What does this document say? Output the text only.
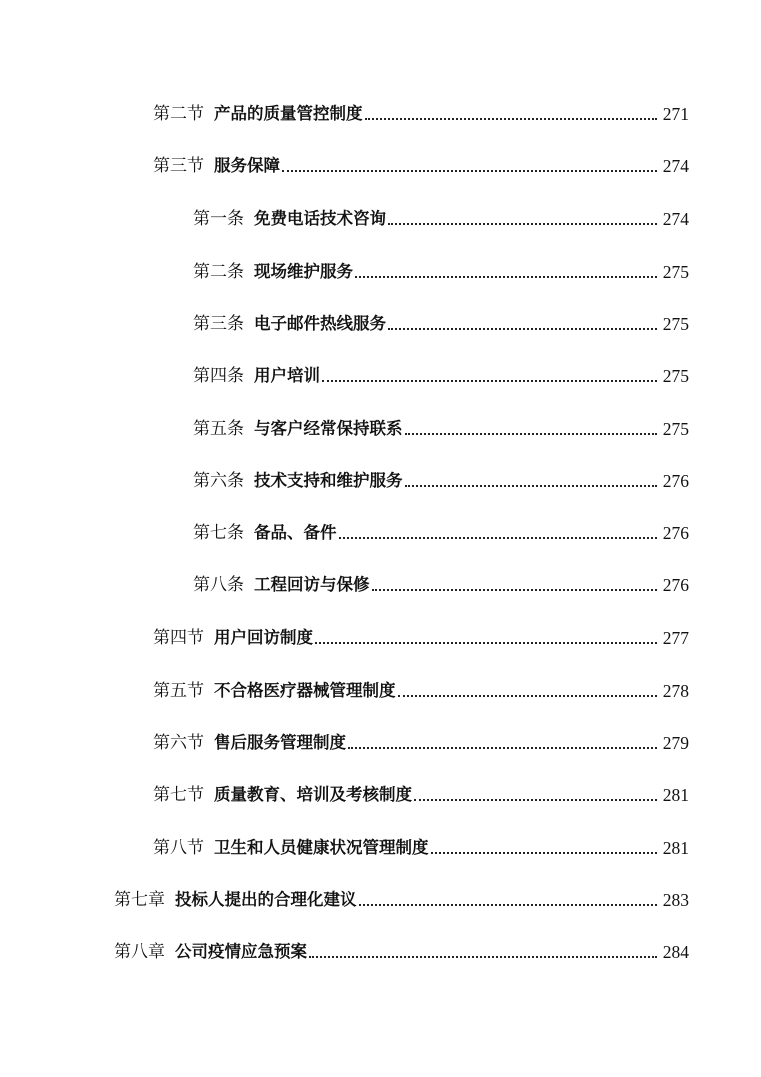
第二节 产品的质量管控制度	271
第三节 服务保障	274
第一条 免费电话技术咨询	274
第二条 现场维护服务	275
第三条 电子邮件热线服务	275
第四条 用户培训	275
第五条 与客户经常保持联系	275
第六条 技术支持和维护服务	276
第七条 备品、备件	276
第八条 工程回访与保修	276
第四节 用户回访制度	277
第五节 不合格医疗器械管理制度	278
第六节 售后服务管理制度	279
第七节 质量教育、培训及考核制度	281
第八节 卫生和人员健康状况管理制度	281
第七章 投标人提出的合理化建议	283
第八章 公司疫情应急预案	284
